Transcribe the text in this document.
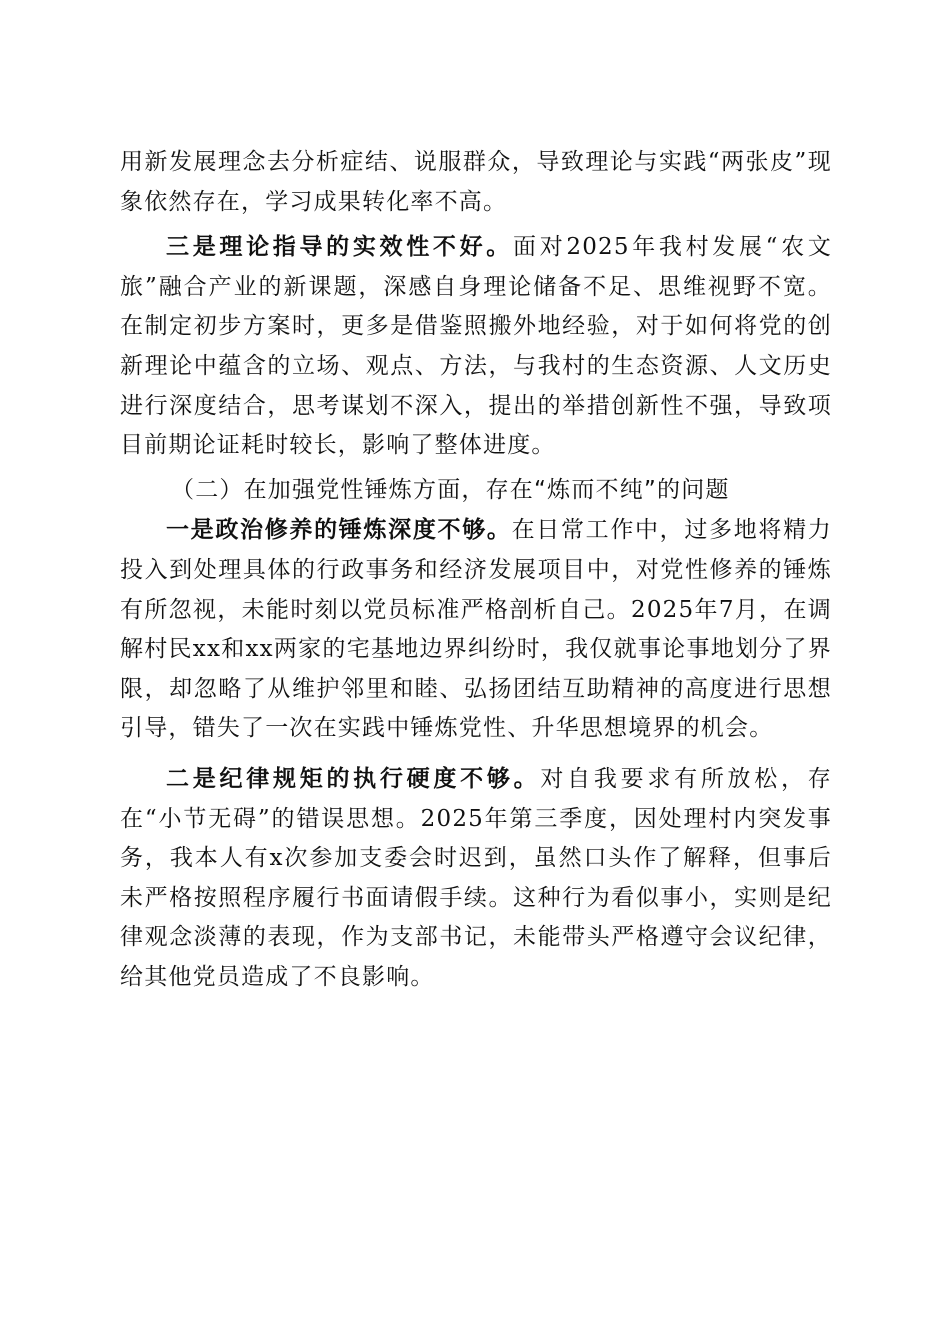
用新发展理念去分析症结、说服群众，导致理论与实践“两张皮”现象依然存在，学习成果转化率不高。

三是理论指导的实效性不好。面对2025年我村发展“农文旅”融合产业的新课题，深感自身理论储备不足、思维视野不宽。在制定初步方案时，更多是借鉴照搬外地经验，对于如何将党的创新理论中蕴含的立场、观点、方法，与我村的生态资源、人文历史进行深度结合，思考谋划不深入，提出的举措创新性不强，导致项目前期论证耗时较长，影响了整体进度。

（二）在加强党性锤炼方面，存在“炼而不纯”的问题

一是政治修养的锤炼深度不够。在日常工作中，过多地将精力投入到处理具体的行政事务和经济发展项目中，对党性修养的锤炼有所忽视，未能时刻以党员标准严格剖析自己。2025年7月，在调解村民xx和xx两家的宅基地边界纠纷时，我仅就事论事地划分了界限，却忽略了从维护邻里和睦、弘扬团结互助精神的高度进行思想引导，错失了一次在实践中锤炼党性、升华思想境界的机会。

二是纪律规矩的执行硬度不够。对自我要求有所放松，存在“小节无碍”的错误思想。2025年第三季度，因处理村内突发事务，我本人有x次参加支委会时迟到，虽然口头作了解释，但事后未严格按照程序履行书面请假手续。这种行为看似事小，实则是纪律观念淡薄的表现，作为支部书记，未能带头严格遵守会议纪律，给其他党员造成了不良影响。
